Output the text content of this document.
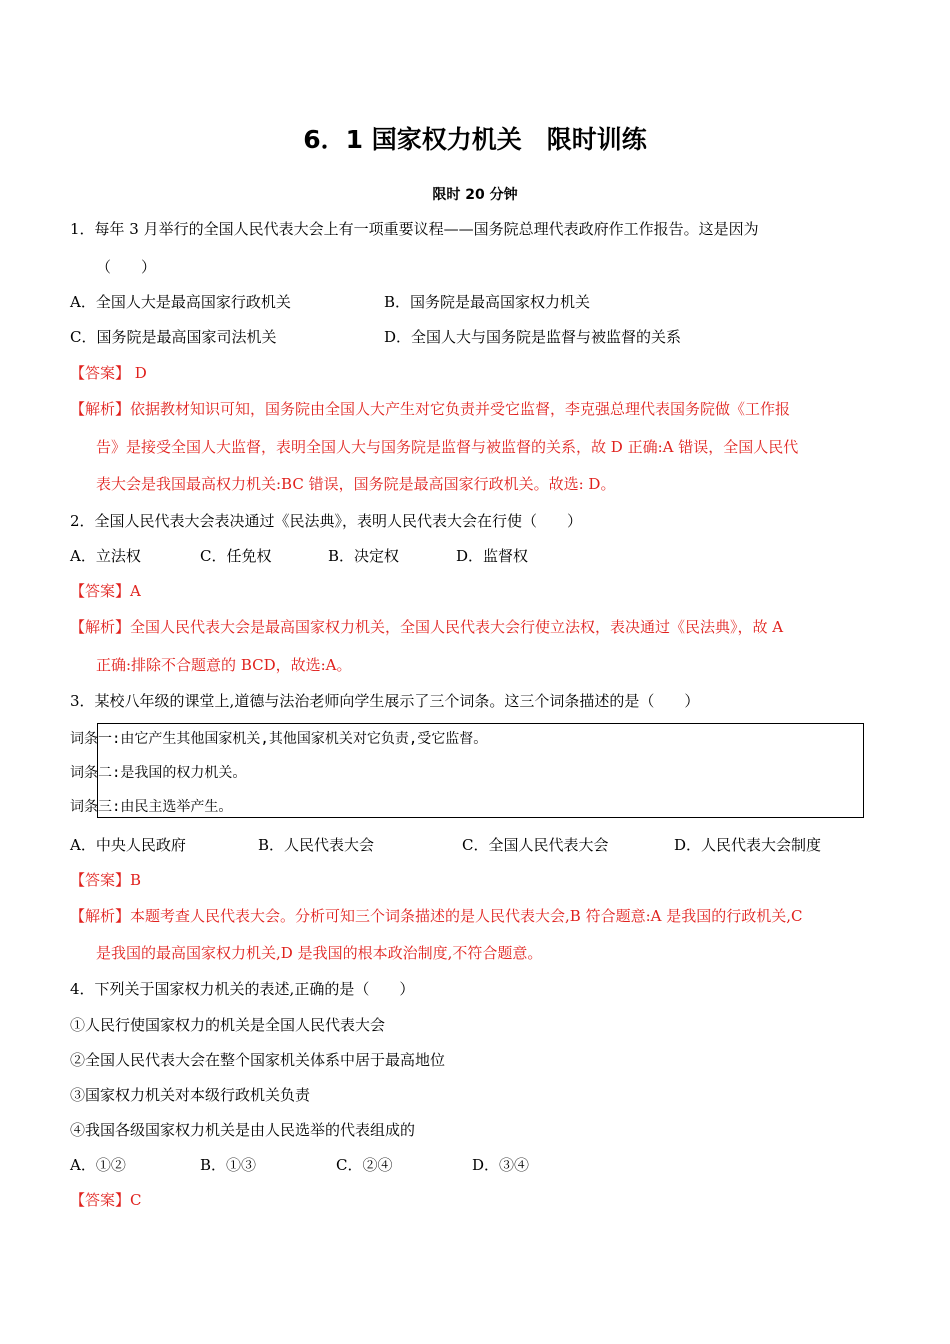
6．1 国家权力机关　限时训练
限时 20 分钟
1．每年 3 月举行的全国人民代表大会上有一项重要议程——国务院总理代表政府作工作报告。这是因为
（　　）
A．全国人大是最高国家行政机关	B．国务院是最高国家权力机关
C．国务院是最高国家司法机关	D．全国人大与国务院是监督与被监督的关系
【答案】 D
【解析】依据教材知识可知，国务院由全国人大产生对它负责并受它监督，李克强总理代表国务院做《工作报
告》是接受全国人大监督，表明全国人大与国务院是监督与被监督的关系，故 D 正确:A 错误，全国人民代
表大会是我国最高权力机关:BC 错误，国务院是最高国家行政机关。故选: D。
2．全国人民代表大会表决通过《民法典》，表明人民代表大会在行使（　　）
A．立法权	C．任免权	B．决定权	D．监督权
【答案】A
【解析】全国人民代表大会是最高国家权力机关，全国人民代表大会行使立法权，表决通过《民法典》，故 A
正确:排除不合题意的 BCD，故选:A。
3．某校八年级的课堂上,道德与法治老师向学生展示了三个词条。这三个词条描述的是（　　）
词条一:由它产生其他国家机关,其他国家机关对它负责,受它监督。
词条二:是我国的权力机关。
词条三:由民主选举产生。
A．中央人民政府	B．人民代表大会	C．全国人民代表大会	D．人民代表大会制度
【答案】B
【解析】本题考查人民代表大会。分析可知三个词条描述的是人民代表大会,B 符合题意:A 是我国的行政机关,C
是我国的最高国家权力机关,D 是我国的根本政治制度,不符合题意。
4．下列关于国家权力机关的表述,正确的是（　　）
①人民行使国家权力的机关是全国人民代表大会
②全国人民代表大会在整个国家机关体系中居于最高地位
③国家权力机关对本级行政机关负责
④我国各级国家权力机关是由人民选举的代表组成的
A．①②	B．①③	C．②④	D．③④
【答案】C
